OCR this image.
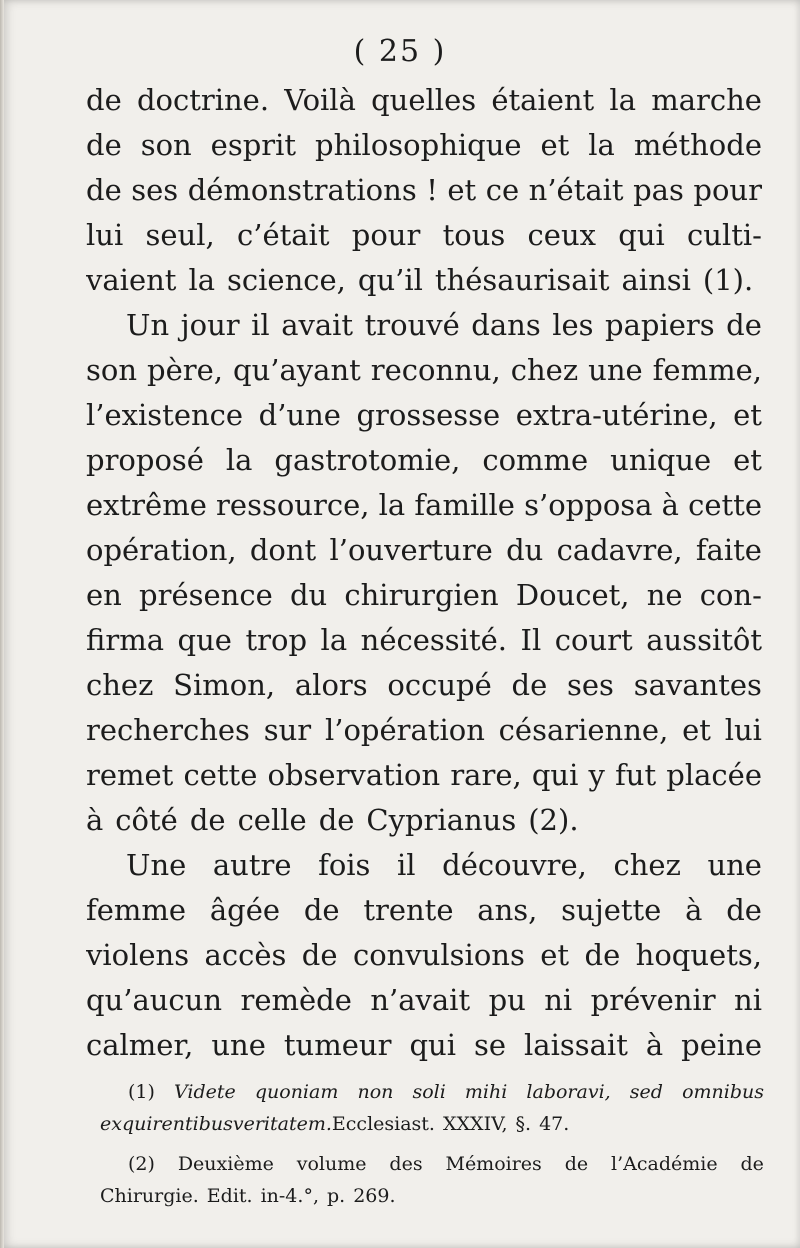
( 25 )
de doctrine. Voilà quelles étaient la marche
de son esprit philosophique et la méthode
de ses démonstrations ! et ce n’était pas pour
lui seul, c’était pour tous ceux qui culti-
vaient la science, qu’il thésaurisait ainsi (1).
Un jour il avait trouvé dans les papiers de
son père, qu’ayant reconnu, chez une femme,
l’existence d’une grossesse extra-utérine, et
proposé la gastrotomie, comme unique et
extrême ressource, la famille s’opposa à cette
opération, dont l’ouverture du cadavre, faite
en présence du chirurgien Doucet, ne con-
firma que trop la nécessité. Il court aussitôt
chez Simon, alors occupé de ses savantes
recherches sur l’opération césarienne, et lui
remet cette observation rare, qui y fut placée
à côté de celle de Cyprianus (2).
Une autre fois il découvre, chez une
femme âgée de trente ans, sujette à de
violens accès de convulsions et de hoquets,
qu’aucun remède n’avait pu ni prévenir ni
calmer, une tumeur qui se laissait à peine
(1) Videte quoniam non soli mihi laboravi, sed omnibus
exquirentibus veritatem. Ecclesiast. XXXIV, §. 47.
(2) Deuxième volume des Mémoires de l’Académie de
Chirurgie. Edit. in-4.°, p. 269.
